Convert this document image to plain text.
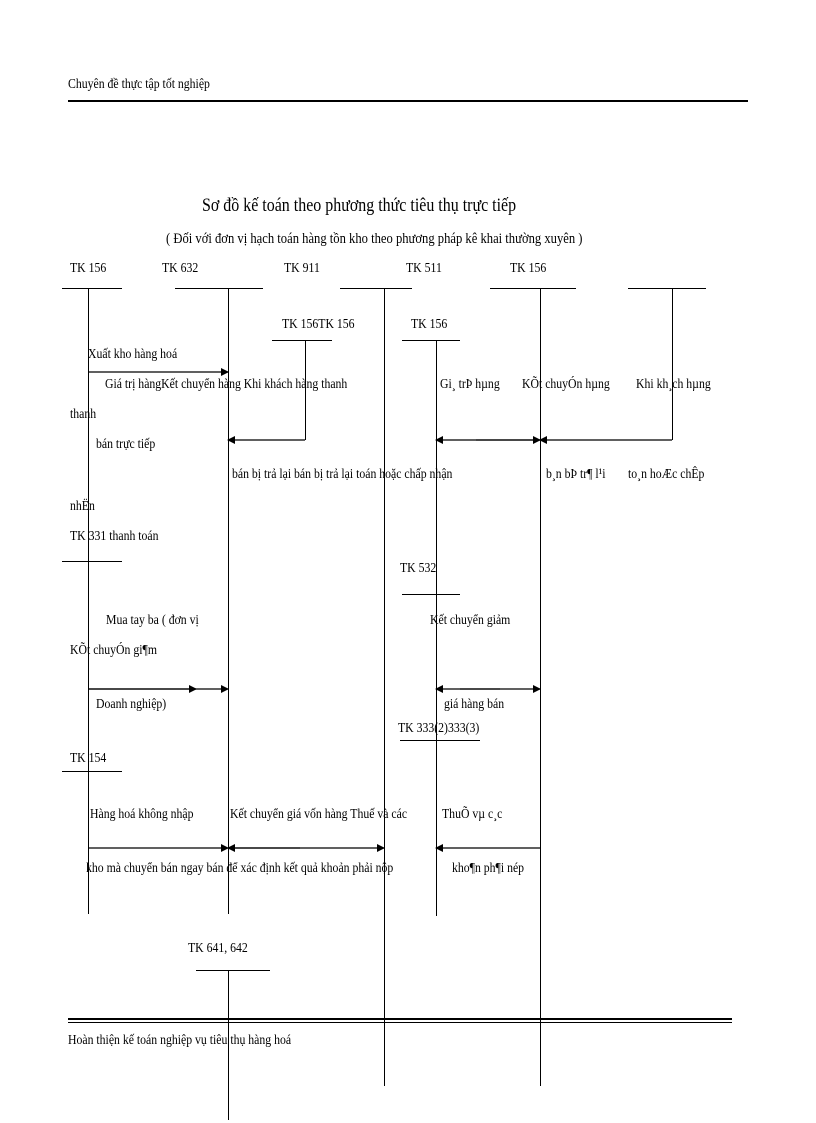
Chuyên đề thực tập tốt nghiệp
Sơ đồ kế toán theo phương thức tiêu thụ trực tiếp
( Đối với đơn vị hạch toán hàng tồn kho theo phương pháp kê khai thường xuyên )
TK 156	TK 632	TK 911	TK 511	TK 156
TK 156TK 156	TK 156
Xuất kho hàng hoá
Giá trị hàngKết chuyển hàng Khi khách hàng thanh	Gi¸ trÞ hµng KÕt chuyÓn hµng Khi kh¸ch hµng
thanh
bán trực tiếp
bán bị trả lại bán bị trả lại toán hoặc chấp nhận	b¸n bÞ tr¶ l¹i to¸n hoÆc chÊp
nhËn
TK 331 thanh toán
TK 532
Mua tay ba ( đơn vị	Kết chuyển giảm
KÕt chuyÓn gi¶m
Doanh nghiệp)	giá hàng bán
TK 333(2)333(3)
TK 154
Hàng hoá không nhập	Kết chuyển giá vốn hàng Thuế và các ThuÕ vµ c¸c
kho mà chuyển bán ngay bán để xác định kết quả khoản phải nộp	kho¶n ph¶i nép
TK 641, 642
Hoàn thiện kế toán nghiệp vụ tiêu thụ hàng hoá
